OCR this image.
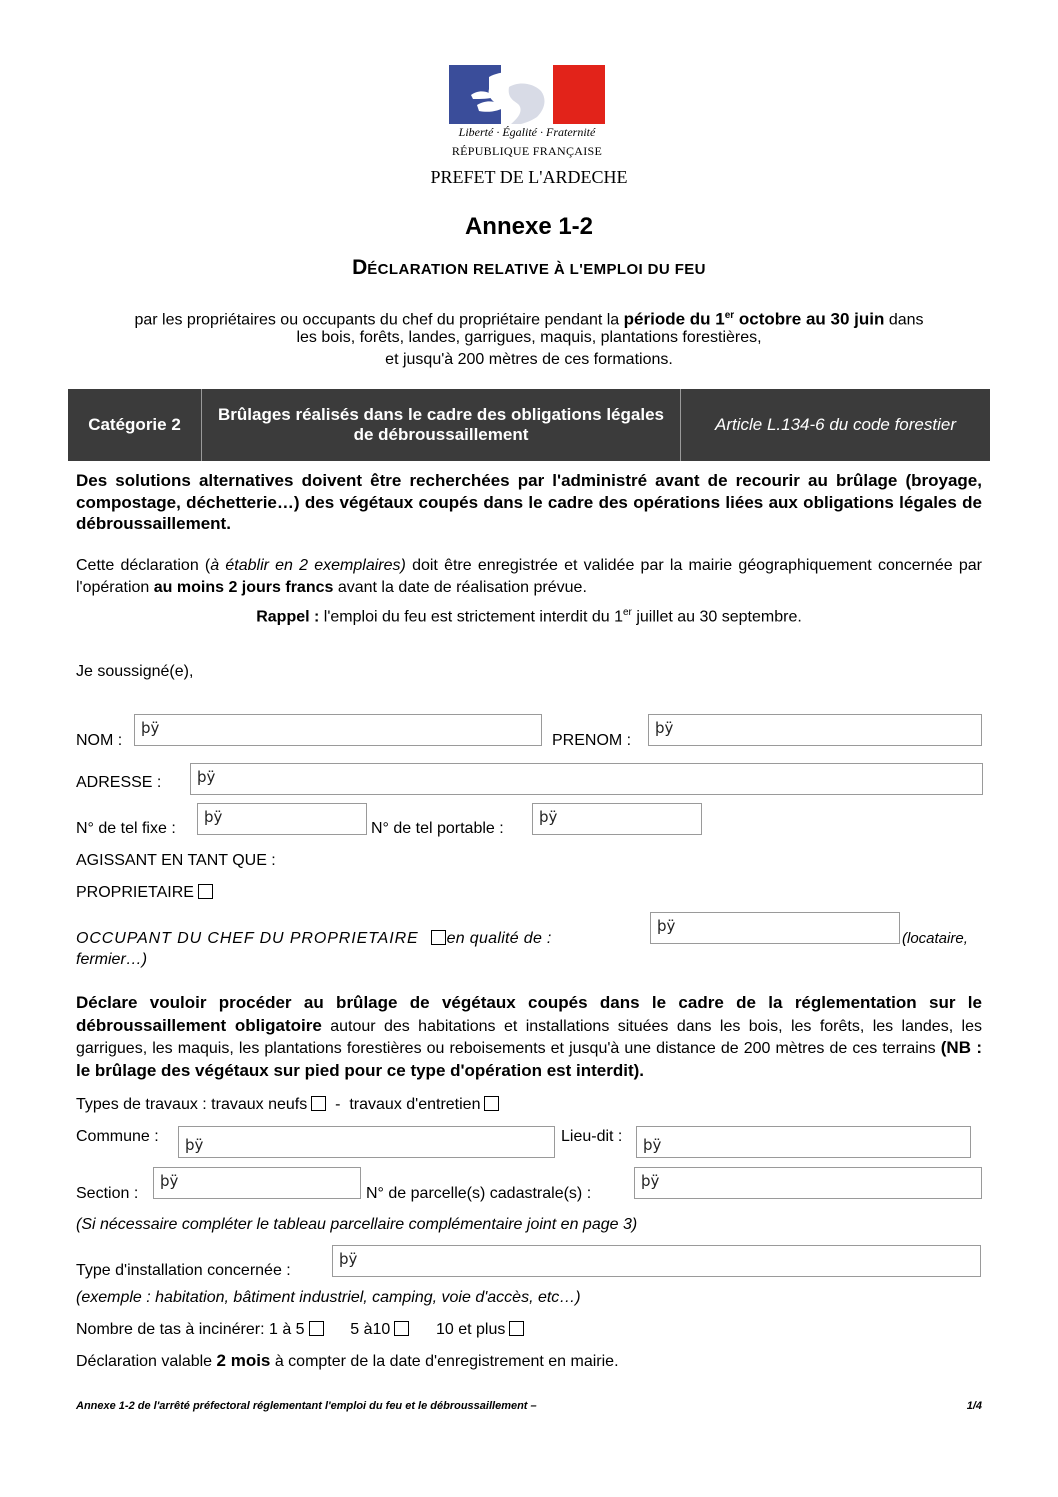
Liberté · Égalité · Fraternité
RÉPUBLIQUE FRANÇAISE
PREFET DE L'ARDECHE
Annexe 1-2
DÉCLARATION RELATIVE À L'EMPLOI DU FEU
par les propriétaires ou occupants du chef du propriétaire pendant la période du 1er octobre au 30 juin dans
les bois, forêts, landes, garrigues, maquis, plantations forestières,
et jusqu'à 200 mètres de ces formations.
Catégorie 2
Brûlages réalisés dans le cadre des obligations légales de débroussaillement
Article L.134-6 du code forestier
Des solutions alternatives doivent être recherchées par l'administré avant de recourir au brûlage (broyage, compostage, déchetterie…) des végétaux coupés dans le cadre des opérations liées aux obligations légales de débroussaillement.
Cette déclaration (à établir en 2 exemplaires) doit être enregistrée et validée par la mairie géographiquement concernée par l'opération au moins 2 jours francs avant la date de réalisation prévue.
Rappel : l'emploi du feu est strictement interdit du 1er juillet au 30 septembre.
Je soussigné(e),
NOM :
þÿ
PRENOM :
þÿ
ADRESSE :	þÿ
N° de tel fixe :
þÿ
N° de tel portable :
þÿ
AGISSANT EN TANT QUE :
PROPRIETAIRE
OCCUPANT DU CHEF DU PROPRIETAIRE en qualité de :
þÿ
(locataire,
fermier…)
Déclare vouloir procéder au brûlage de végétaux coupés dans le cadre de la réglementation sur le débroussaillement obligatoire autour des habitations et installations situées dans les bois, les forêts, les landes, les garrigues, les maquis, les plantations forestières ou reboisements et jusqu'à une distance de 200 mètres de ces terrains (NB : le brûlage des végétaux sur pied pour ce type d'opération est interdit).
Types de travaux : travaux neufs - travaux d'entretien
Commune :	þÿ	Lieu-dit :	þÿ
Section :
þÿ
N° de parcelle(s) cadastrale(s) :
þÿ
(Si nécessaire compléter le tableau parcellaire complémentaire joint en page 3)
Type d'installation concernée :
þÿ
(exemple : habitation, bâtiment industriel, camping, voie d'accès, etc…)
Nombre de tas à incinérer: 1 à 5	5 à10	10 et plus
Déclaration valable 2 mois à compter de la date d'enregistrement en mairie.
Annexe 1-2 de l'arrêté préfectoral réglementant l'emploi du feu et le débroussaillement –	1/4
